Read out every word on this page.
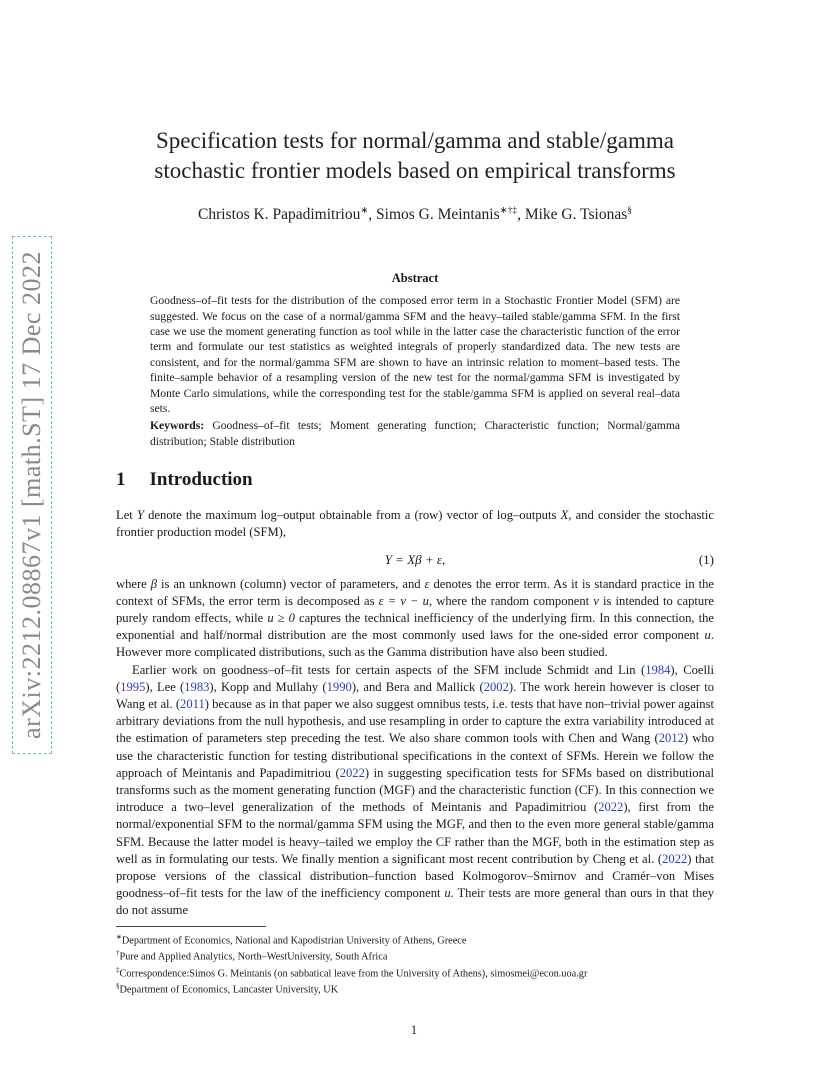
arXiv:2212.08867v1 [math.ST] 17 Dec 2022
Specification tests for normal/gamma and stable/gamma
stochastic frontier models based on empirical transforms
Christos K. Papadimitriou∗, Simos G. Meintanis∗†‡, Mike G. Tsionas§
Abstract
Goodness–of–fit tests for the distribution of the composed error term in a Stochastic Frontier Model (SFM) are suggested. We focus on the case of a normal/gamma SFM and the heavy–tailed stable/gamma SFM. In the first case we use the moment generating function as tool while in the latter case the characteristic function of the error term and formulate our test statistics as weighted integrals of properly standardized data. The new tests are consistent, and for the normal/gamma SFM are shown to have an intrinsic relation to moment–based tests. The finite–sample behavior of a resampling version of the new test for the normal/gamma SFM is investigated by Monte Carlo simulations, while the corresponding test for the stable/gamma SFM is applied on several real–data sets.
Keywords: Goodness–of–fit tests; Moment generating function; Characteristic function; Normal/gamma distribution; Stable distribution
1 Introduction
Let Y denote the maximum log–output obtainable from a (row) vector of log–outputs X, and consider the stochastic frontier production model (SFM),
Y = Xβ + ε,	(1)
where β is an unknown (column) vector of parameters, and ε denotes the error term. As it is standard practice in the context of SFMs, the error term is decomposed as ε = v − u, where the random component v is intended to capture purely random effects, while u ≥ 0 captures the technical inefficiency of the underlying firm. In this connection, the exponential and half/normal distribution are the most commonly used laws for the one-sided error component u. However more complicated distributions, such as the Gamma distribution have also been studied.
Earlier work on goodness–of–fit tests for certain aspects of the SFM include Schmidt and Lin (1984), Coelli (1995), Lee (1983), Kopp and Mullahy (1990), and Bera and Mallick (2002). The work herein however is closer to Wang et al. (2011) because as in that paper we also suggest omnibus tests, i.e. tests that have non–trivial power against arbitrary deviations from the null hypothesis, and use resampling in order to capture the extra variability introduced at the estimation of parameters step preceding the test. We also share common tools with Chen and Wang (2012) who use the characteristic function for testing distributional specifications in the context of SFMs. Herein we follow the approach of Meintanis and Papadimitriou (2022) in suggesting specification tests for SFMs based on distributional transforms such as the moment generating function (MGF) and the characteristic function (CF). In this connection we introduce a two–level generalization of the methods of Meintanis and Papadimitriou (2022), first from the normal/exponential SFM to the normal/gamma SFM using the MGF, and then to the even more general stable/gamma SFM. Because the latter model is heavy–tailed we employ the CF rather than the MGF, both in the estimation step as well as in formulating our tests. We finally mention a significant most recent contribution by Cheng et al. (2022) that propose versions of the classical distribution–function based Kolmogorov–Smirnov and Cramér–von Mises goodness–of–fit tests for the law of the inefficiency component u. Their tests are more general than ours in that they do not assume
∗Department of Economics, National and Kapodistrian University of Athens, Greece
†Pure and Applied Analytics, North–WestUniversity, South Africa
‡Correspondence:Simos G. Meintanis (on sabbatical leave from the University of Athens), simosmei@econ.uoa.gr
§Department of Economics, Lancaster University, UK
1
